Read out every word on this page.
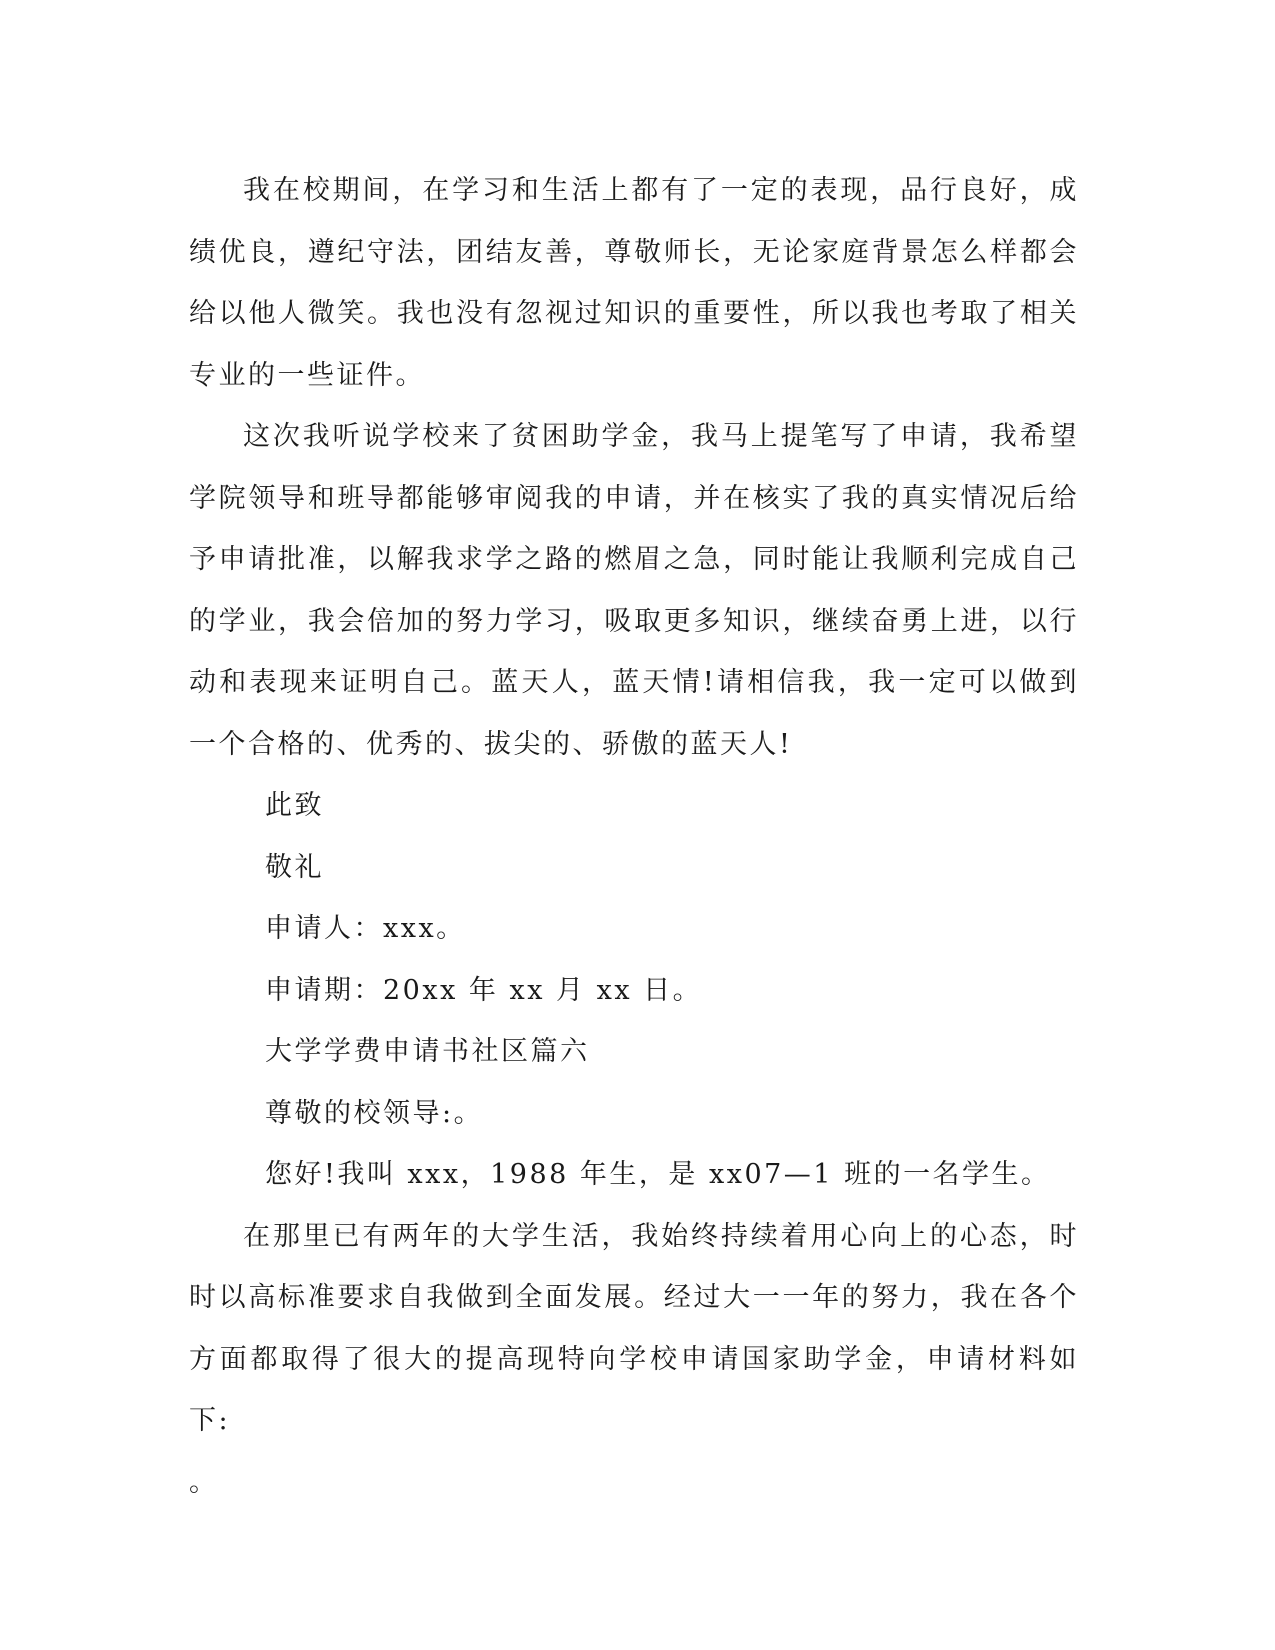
我在校期间，在学习和生活上都有了一定的表现，品行良好，成绩优良，遵纪守法，团结友善，尊敬师长，无论家庭背景怎么样都会给以他人微笑。我也没有忽视过知识的重要性，所以我也考取了相关专业的一些证件。

这次我听说学校来了贫困助学金，我马上提笔写了申请，我希望学院领导和班导都能够审阅我的申请，并在核实了我的真实情况后给予申请批准，以解我求学之路的燃眉之急，同时能让我顺利完成自己的学业，我会倍加的努力学习，吸取更多知识，继续奋勇上进，以行动和表现来证明自己。蓝天人，蓝天情!请相信我，我一定可以做到一个合格的、优秀的、拔尖的、骄傲的蓝天人!

此致

敬礼

申请人：xxx。

申请期：20xx 年 xx 月 xx 日。

大学学费申请书社区篇六

尊敬的校领导:。

您好!我叫 xxx，1988 年生，是 xx07—1 班的一名学生。

在那里已有两年的大学生活，我始终持续着用心向上的心态，时时以高标准要求自我做到全面发展。经过大一一年的努力，我在各个方面都取得了很大的提高现特向学校申请国家助学金，申请材料如下:

。
